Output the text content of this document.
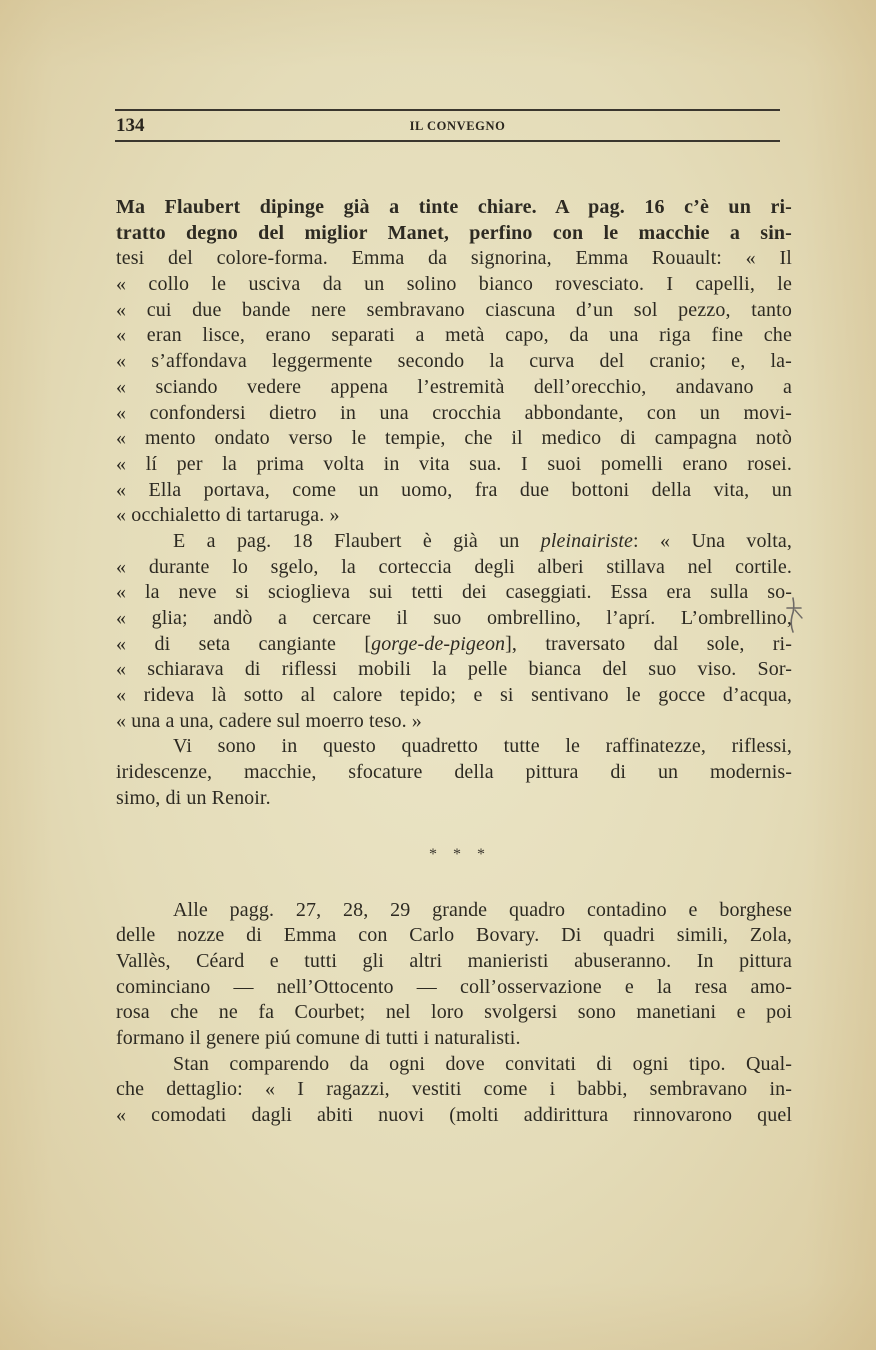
134	IL CONVEGNO
Ma Flaubert dipinge già a tinte chiare. A pag. 16 c’è un ri-
tratto degno del miglior Manet, perfino con le macchie a sin-
tesi del colore-forma. Emma da signorina, Emma Rouault: « Il
« collo le usciva da un solino bianco rovesciato. I capelli, le
« cui due bande nere sembravano ciascuna d’un sol pezzo, tanto
« eran lisce, erano separati a metà capo, da una riga fine che
« s’affondava leggermente secondo la curva del cranio; e, la-
« sciando vedere appena l’estremità dell’orecchio, andavano a
« confondersi dietro in una crocchia abbondante, con un movi-
« mento ondato verso le tempie, che il medico di campagna notò
« lí per la prima volta in vita sua. I suoi pomelli erano rosei.
« Ella portava, come un uomo, fra due bottoni della vita, un
« occhialetto di tartaruga. »
E a pag. 18 Flaubert è già un pleinairiste: « Una volta,
« durante lo sgelo, la corteccia degli alberi stillava nel cortile.
« la neve si scioglieva sui tetti dei caseggiati. Essa era sulla so-
« glia; andò a cercare il suo ombrellino, l’aprí. L’ombrellino,
« di seta cangiante [gorge-de-pigeon], traversato dal sole, ri-
« schiarava di riflessi mobili la pelle bianca del suo viso. Sor-
« rideva là sotto al calore tepido; e si sentivano le gocce d’acqua,
« una a una, cadere sul moerro teso. »
Vi sono in questo quadretto tutte le raffinatezze, riflessi,
iridescenze, macchie, sfocature della pittura di un modernis-
simo, di un Renoir.
* * *
Alle pagg. 27, 28, 29 grande quadro contadino e borghese
delle nozze di Emma con Carlo Bovary. Di quadri simili, Zola,
Vallès, Céard e tutti gli altri manieristi abuseranno. In pittura
cominciano — nell’Ottocento — coll’osservazione e la resa amo-
rosa che ne fa Courbet; nel loro svolgersi sono manetiani e poi
formano il genere piú comune di tutti i naturalisti.
Stan comparendo da ogni dove convitati di ogni tipo. Qual-
che dettaglio: « I ragazzi, vestiti come i babbi, sembravano in-
« comodati dagli abiti nuovi (molti addirittura rinnovarono quel
